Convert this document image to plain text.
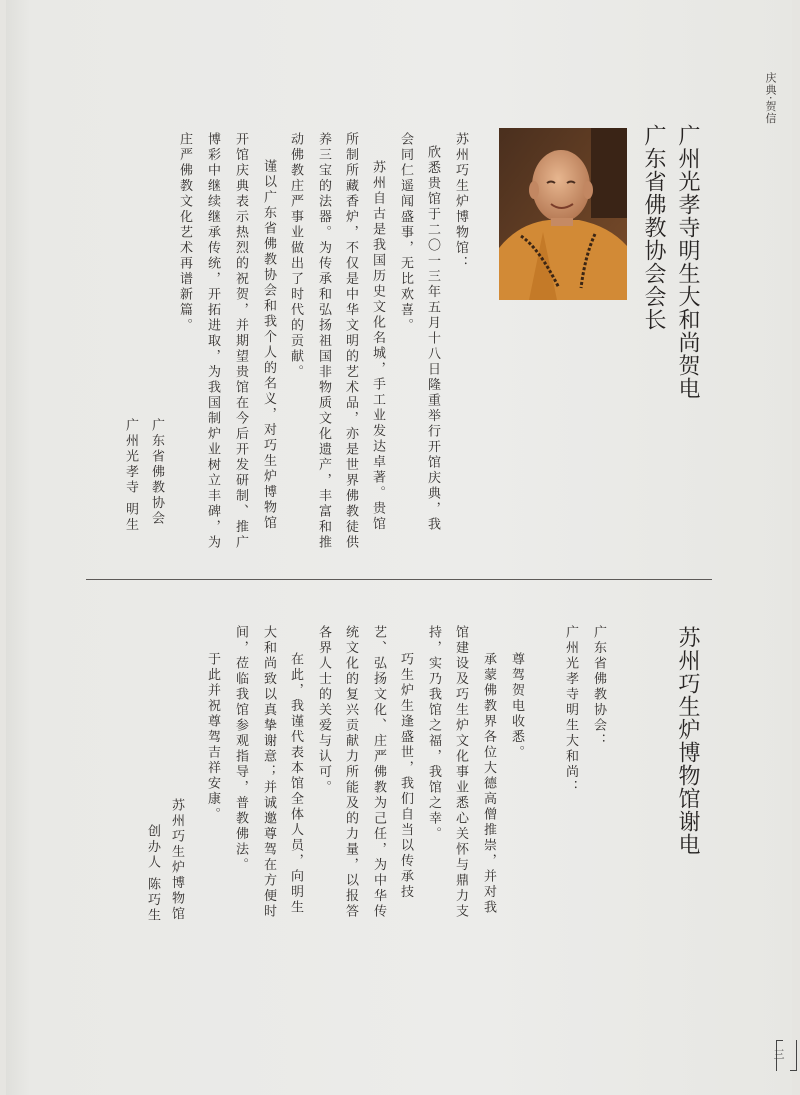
庆典·贺信
广东省佛教协会会长 广州光孝寺明生大和尚贺电
苏州巧生炉博物馆：
欣悉贵馆于二〇一三年五月十八日隆重举行开馆庆典，我
会同仁遥闻盛事，无比欢喜。
苏州自古是我国历史文化名城，手工业发达卓著。贵馆
所制所藏香炉，不仅是中华文明的艺术品，亦是世界佛教徒供
养三宝的法器。为传承和弘扬祖国非物质文化遗产，丰富和推
动佛教庄严事业做出了时代的贡献。
谨以广东省佛教协会和我个人的名义，对巧生炉博物馆
开馆庆典表示热烈的祝贺，并期望贵馆在今后开发研制、推广
博彩中继续继承传统，开拓进取，为我国制炉业树立丰碑，为
庄严佛教文化艺术再谱新篇。
广东省佛教协会
广州光孝寺 明生
苏州巧生炉博物馆谢电
广东省佛教协会：
广州光孝寺明生大和尚：
尊驾贺电收悉。
承蒙佛教界各位大德高僧推崇，并对我
馆建设及巧生炉文化事业悉心关怀与鼎力支
持，实乃我馆之福，我馆之幸。
巧生炉生逢盛世，我们自当以传承技
艺、弘扬文化、庄严佛教为己任，为中华传
统文化的复兴贡献力所能及的力量，以报答
各界人士的关爱与认可。
在此，我谨代表本馆全体人员，向明生
大和尚致以真挚谢意；并诚邀尊驾在方便时
间，莅临我馆参观指导，普教佛法。
于此并祝尊驾吉祥安康。
苏州巧生炉博物馆
创办人 陈巧生
三
